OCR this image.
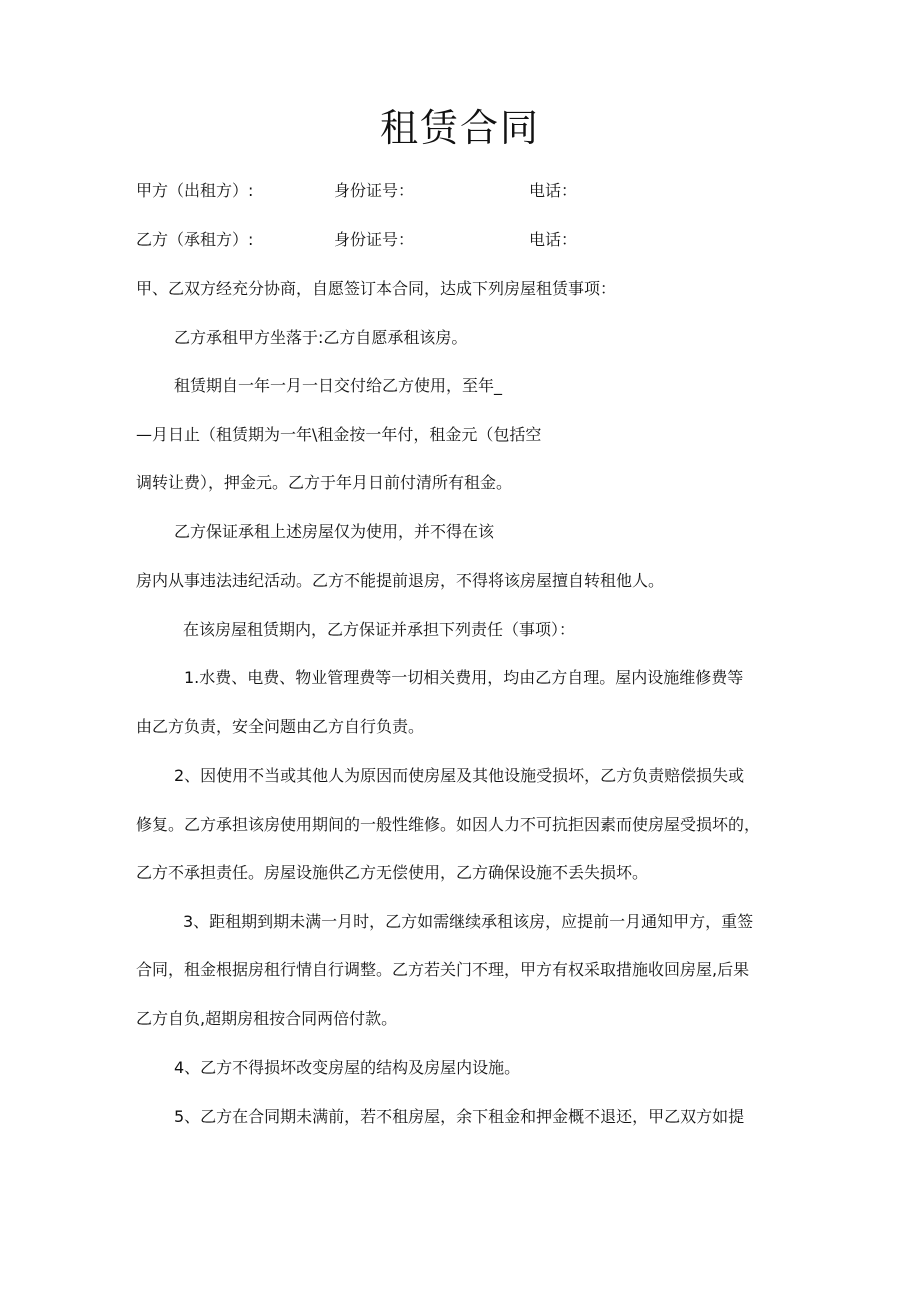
租赁合同
甲方（出租方）:	身份证号：	电话：
乙方（承租方）:	身份证号：	电话：
甲、乙双方经充分协商，自愿签订本合同，达成下列房屋租赁事项：
乙方承租甲方坐落于:乙方自愿承租该房。
租赁期自一年一月一日交付给乙方使用，至年_
—月日止（租赁期为一年\租金按一年付，租金元（包括空
调转让费），押金元。乙方于年月日前付清所有租金。
乙方保证承租上述房屋仅为使用，并不得在该
房内从事违法违纪活动。乙方不能提前退房，不得将该房屋擅自转租他人。
在该房屋租赁期内，乙方保证并承担下列责任（事项）：
1.水费、电费、物业管理费等一切相关费用，均由乙方自理。屋内设施维修费等
由乙方负责，安全问题由乙方自行负责。
2、因使用不当或其他人为原因而使房屋及其他设施受损坏，乙方负责赔偿损失或
修复。乙方承担该房使用期间的一般性维修。如因人力不可抗拒因素而使房屋受损坏的，
乙方不承担责任。房屋设施供乙方无偿使用，乙方确保设施不丢失损坏。
3、距租期到期未满一月时，乙方如需继续承租该房，应提前一月通知甲方，重签
合同，租金根据房租行情自行调整。乙方若关门不理，甲方有权采取措施收回房屋,后果
乙方自负,超期房租按合同两倍付款。
4、乙方不得损坏改变房屋的结构及房屋内设施。
5、乙方在合同期未满前，若不租房屋，余下租金和押金概不退还，甲乙双方如提
